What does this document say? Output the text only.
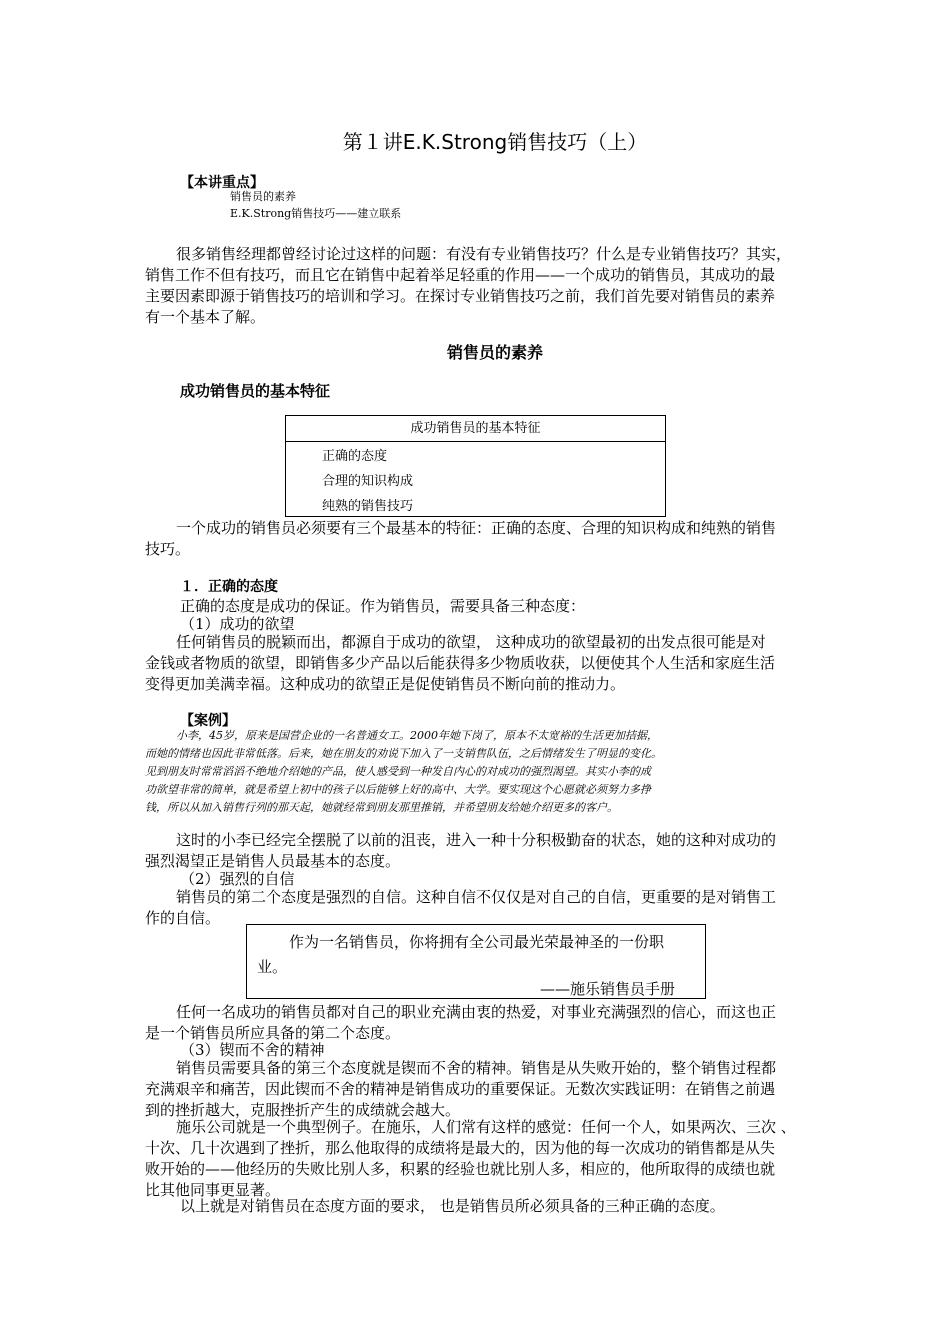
第１讲E.K.Strong销售技巧（上）
【本讲重点】
销售员的素养
E.K.Strong销售技巧——建立联系
很多销售经理都曾经讨论过这样的问题：有没有专业销售技巧？什么是专业销售技巧？其实，
销售工作不但有技巧，而且它在销售中起着举足轻重的作用——一个成功的销售员，其成功的最
主要因素即源于销售技巧的培训和学习。在探讨专业销售技巧之前，我们首先要对销售员的素养
有一个基本了解。
销售员的素养
成功销售员的基本特征
成功销售员的基本特征
正确的态度
合理的知识构成
纯熟的销售技巧
一个成功的销售员必须要有三个最基本的特征：正确的态度、合理的知识构成和纯熟的销售
技巧。
１．正确的态度
正确的态度是成功的保证。作为销售员，需要具备三种态度：
（1）成功的欲望
任何销售员的脱颖而出，都源自于成功的欲望， 这种成功的欲望最初的出发点很可能是对
金钱或者物质的欲望，即销售多少产品以后能获得多少物质收获，以便使其个人生活和家庭生活
变得更加美满幸福。这种成功的欲望正是促使销售员不断向前的推动力。
【案例】
小李，45岁，原来是国营企业的一名普通女工。2000年她下岗了，原本不太宽裕的生活更加拮据，
而她的情绪也因此非常低落。后来，她在朋友的劝说下加入了一支销售队伍，之后情绪发生了明显的变化。
见到朋友时常常滔滔不绝地介绍她的产品，使人感受到一种发自内心的对成功的强烈渴望。其实小李的成
功欲望非常的简单，就是希望上初中的孩子以后能够上好的高中、大学。要实现这个心愿就必须努力多挣
钱，所以从加入销售行列的那天起，她就经常到朋友那里推销，并希望朋友给她介绍更多的客户。
这时的小李已经完全摆脱了以前的沮丧，进入一种十分积极勤奋的状态，她的这种对成功的
强烈渴望正是销售人员最基本的态度。
（2）强烈的自信
销售员的第二个态度是强烈的自信。这种自信不仅仅是对自己的自信，更重要的是对销售工
作的自信。
作为一名销售员，你将拥有全公司最光荣最神圣的一份职
业。
——施乐销售员手册
任何一名成功的销售员都对自己的职业充满由衷的热爱，对事业充满强烈的信心，而这也正
是一个销售员所应具备的第二个态度。
（3）锲而不舍的精神
销售员需要具备的第三个态度就是锲而不舍的精神。销售是从失败开始的，整个销售过程都
充满艰辛和痛苦，因此锲而不舍的精神是销售成功的重要保证。无数次实践证明：在销售之前遇
到的挫折越大，克服挫折产生的成绩就会越大。
施乐公司就是一个典型例子。在施乐，人们常有这样的感觉：任何一个人，如果两次、三次 、
十次、几十次遇到了挫折，那么他取得的成绩将是最大的，因为他的每一次成功的销售都是从失
败开始的——他经历的失败比别人多，积累的经验也就比别人多，相应的，他所取得的成绩也就
比其他同事更显著。
以上就是对销售员在态度方面的要求， 也是销售员所必须具备的三种正确的态度。
